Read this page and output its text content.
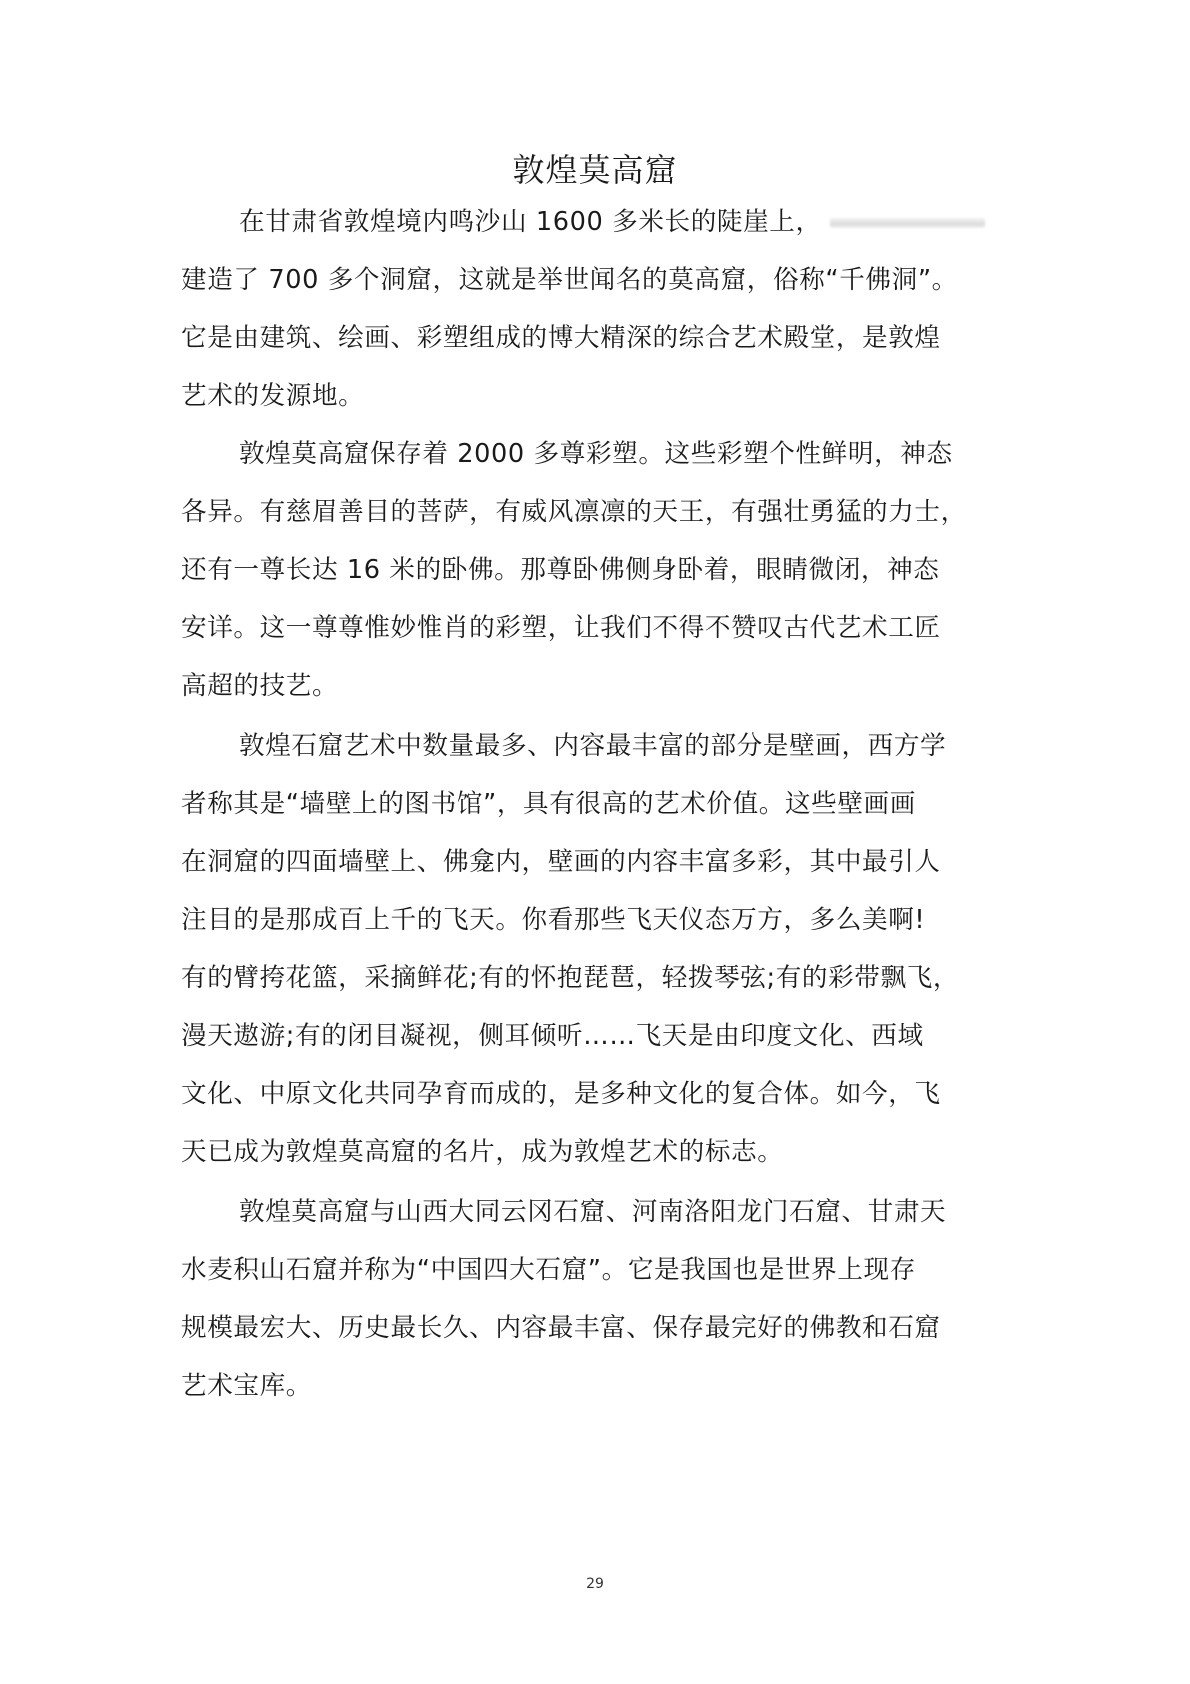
敦煌莫高窟
在甘肃省敦煌境内鸣沙山 1600 多米长的陡崖上，
建造了 700 多个洞窟，这就是举世闻名的莫高窟，俗称“千佛洞”。
它是由建筑、绘画、彩塑组成的博大精深的综合艺术殿堂，是敦煌
艺术的发源地。
敦煌莫高窟保存着 2000 多尊彩塑。这些彩塑个性鲜明，神态
各异。有慈眉善目的菩萨，有威风凛凛的天王，有强壮勇猛的力士，
还有一尊长达 16 米的卧佛。那尊卧佛侧身卧着，眼睛微闭，神态
安详。这一尊尊惟妙惟肖的彩塑，让我们不得不赞叹古代艺术工匠
高超的技艺。
敦煌石窟艺术中数量最多、内容最丰富的部分是壁画，西方学
者称其是“墙壁上的图书馆”，具有很高的艺术价值。这些壁画画
在洞窟的四面墙壁上、佛龛内，壁画的内容丰富多彩，其中最引人
注目的是那成百上千的飞天。你看那些飞天仪态万方，多么美啊!
有的臂挎花篮，采摘鲜花;有的怀抱琵琶，轻拨琴弦;有的彩带飘飞，
漫天遨游;有的闭目凝视，侧耳倾听……飞天是由印度文化、西域
文化、中原文化共同孕育而成的，是多种文化的复合体。如今，飞
天已成为敦煌莫高窟的名片，成为敦煌艺术的标志。
敦煌莫高窟与山西大同云冈石窟、河南洛阳龙门石窟、甘肃天
水麦积山石窟并称为“中国四大石窟”。它是我国也是世界上现存
规模最宏大、历史最长久、内容最丰富、保存最完好的佛教和石窟
艺术宝库。
29
